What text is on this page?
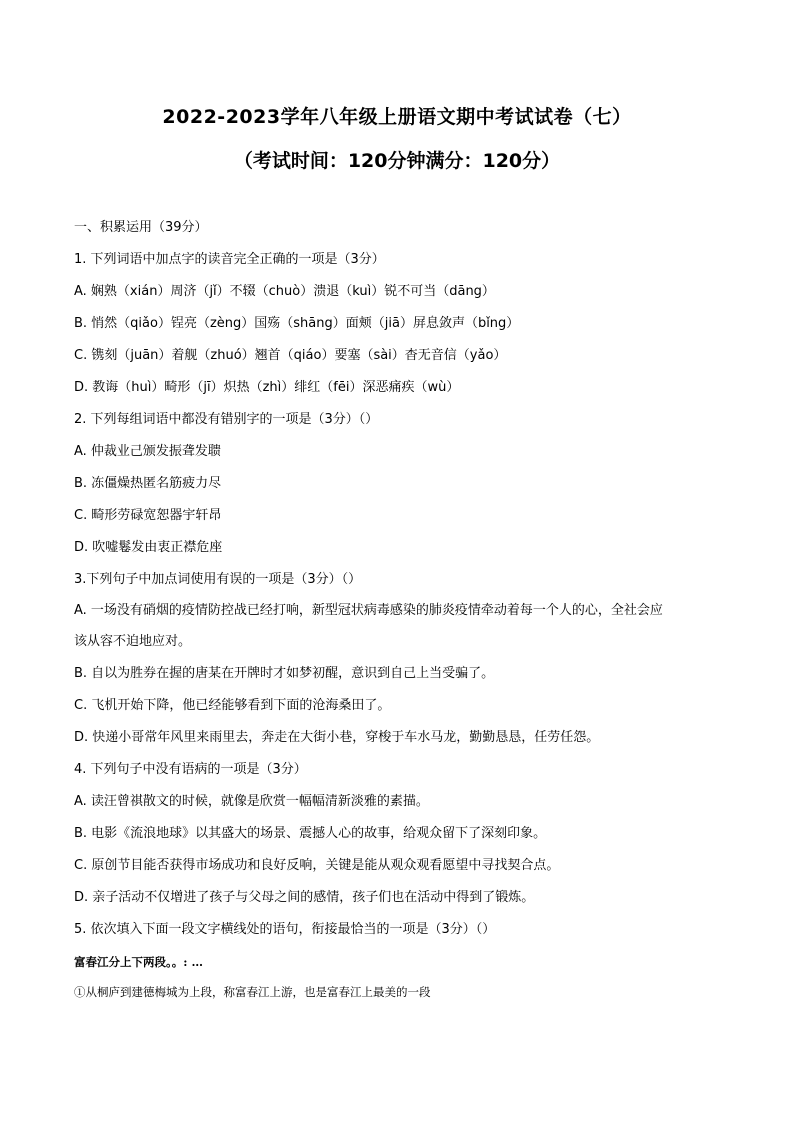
2022-2023学年八年级上册语文期中考试试卷（七）
（考试时间：120分钟满分：120分）
一、积累运用（39分）
1. 下列词语中加点字的读音完全正确的一项是（3分）
A. 娴熟（xián）周济（jǐ）不辍（chuò）溃退（kuì）锐不可当（dāng）
B. 悄然（qiǎo）锃亮（zèng）国殇（shāng）面颊（jiā）屏息敛声（bǐng）
C. 镌刻（juān）着舰（zhuó）翘首（qiáo）要塞（sài）杳无音信（yǎo）
D. 教诲（huì）畸形（jī）炽热（zhì）绯红（fēi）深恶痛疾（wù）
2. 下列每组词语中都没有错别字的一项是（3分）（）
A. 仲裁业己颁发振聋发聩
B. 冻僵燥热匿名筋疲力尽
C. 畸形劳碌宽恕器宇轩昂
D. 吹嘘鬈发由衷正襟危座
3.下列句子中加点词使用有误的一项是（3分）（）
A. 一场没有硝烟的疫情防控战已经打响，新型冠状病毒感染的肺炎疫情牵动着每一个人的心，全社会应
该从容不迫地应对。
B. 自以为胜券在握的唐某在开牌时才如梦初醒，意识到自己上当受骗了。
C. 飞机开始下降，他已经能够看到下面的沧海桑田了。
D. 快递小哥常年风里来雨里去，奔走在大街小巷，穿梭于车水马龙，勤勤恳恳，任劳任怨。
4. 下列句子中没有语病的一项是（3分）
A. 读汪曾祺散文的时候，就像是欣赏一幅幅清新淡雅的素描。
B. 电影《流浪地球》以其盛大的场景、震撼人心的故事，给观众留下了深刻印象。
C. 原创节目能否获得市场成功和良好反响，关键是能从观众观看愿望中寻找契合点。
D. 亲子活动不仅增进了孩子与父母之间的感情，孩子们也在活动中得到了锻炼。
5. 依次填入下面一段文字横线处的语句，衔接最恰当的一项是（3分）（）
富春江分上下两段。。: …
①从桐庐到建德梅城为上段，称富春江上游，也是富春江上最美的一段
